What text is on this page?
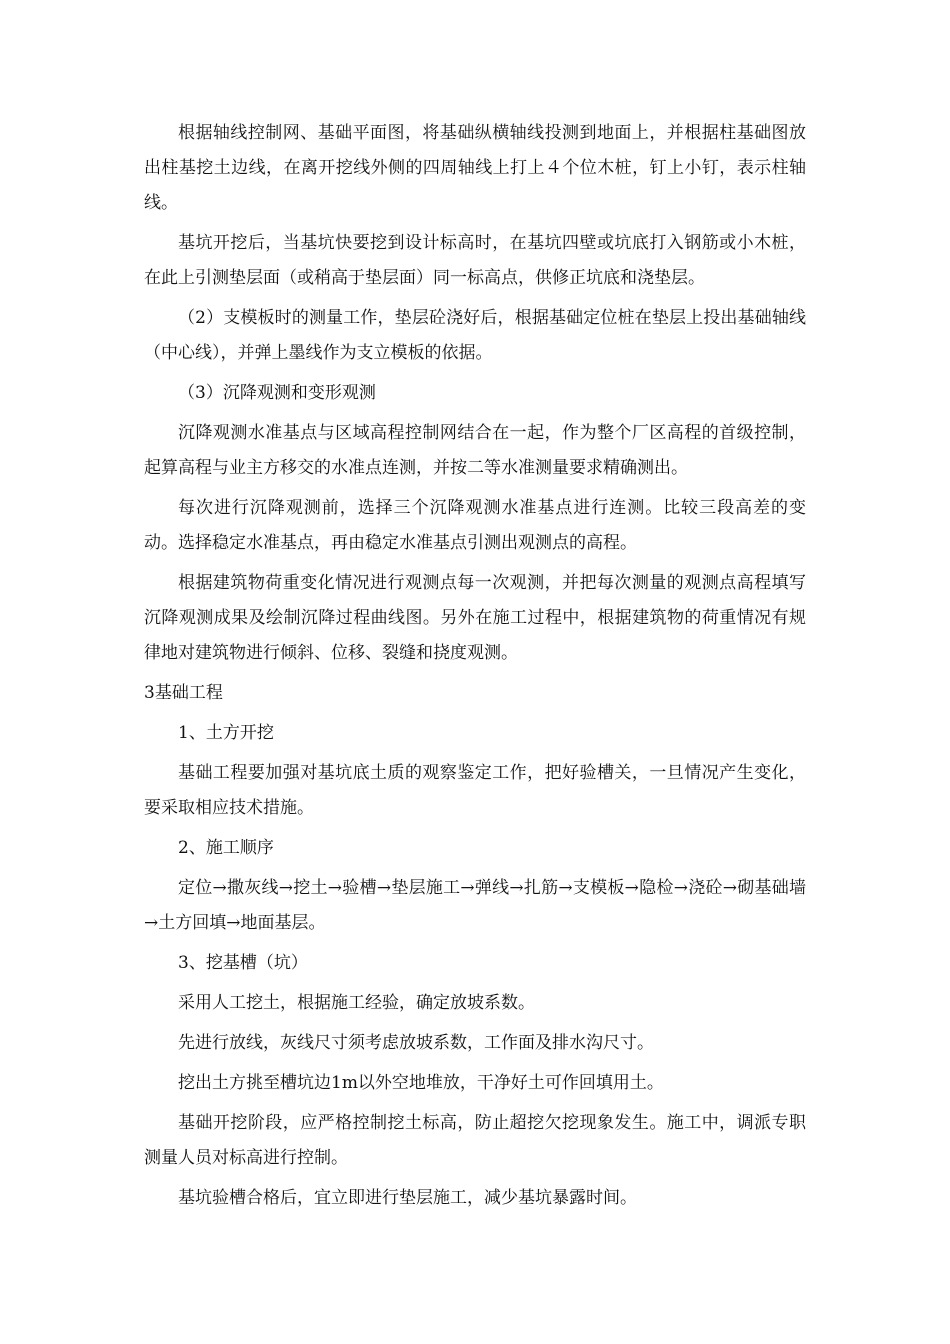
根据轴线控制网、基础平面图，将基础纵横轴线投测到地面上，并根据柱基础图放出柱基挖土边线，在离开挖线外侧的四周轴线上打上４个位木桩，钉上小钉，表示柱轴线。

基坑开挖后，当基坑快要挖到设计标高时，在基坑四壁或坑底打入钢筋或小木桩，在此上引测垫层面（或稍高于垫层面）同一标高点，供修正坑底和浇垫层。

（2）支模板时的测量工作，垫层砼浇好后，根据基础定位桩在垫层上投出基础轴线（中心线），并弹上墨线作为支立模板的依据。

（3）沉降观测和变形观测

沉降观测水准基点与区域高程控制网结合在一起，作为整个厂区高程的首级控制，起算高程与业主方移交的水准点连测，并按二等水准测量要求精确测出。

每次进行沉降观测前，选择三个沉降观测水准基点进行连测。比较三段高差的变动。选择稳定水准基点，再由稳定水准基点引测出观测点的高程。

根据建筑物荷重变化情况进行观测点每一次观测，并把每次测量的观测点高程填写沉降观测成果及绘制沉降过程曲线图。另外在施工过程中，根据建筑物的荷重情况有规律地对建筑物进行倾斜、位移、裂缝和挠度观测。

3基础工程

1、土方开挖

基础工程要加强对基坑底土质的观察鉴定工作，把好验槽关，一旦情况产生变化，要采取相应技术措施。

2、施工顺序

定位→撒灰线→挖土→验槽→垫层施工→弹线→扎筋→支模板→隐检→浇砼→砌基础墙→土方回填→地面基层。

3、挖基槽（坑）

采用人工挖土，根据施工经验，确定放坡系数。

先进行放线，灰线尺寸须考虑放坡系数，工作面及排水沟尺寸。

挖出土方挑至槽坑边1m以外空地堆放，干净好土可作回填用土。

基础开挖阶段，应严格控制挖土标高，防止超挖欠挖现象发生。施工中，调派专职测量人员对标高进行控制。

基坑验槽合格后，宜立即进行垫层施工，减少基坑暴露时间。
